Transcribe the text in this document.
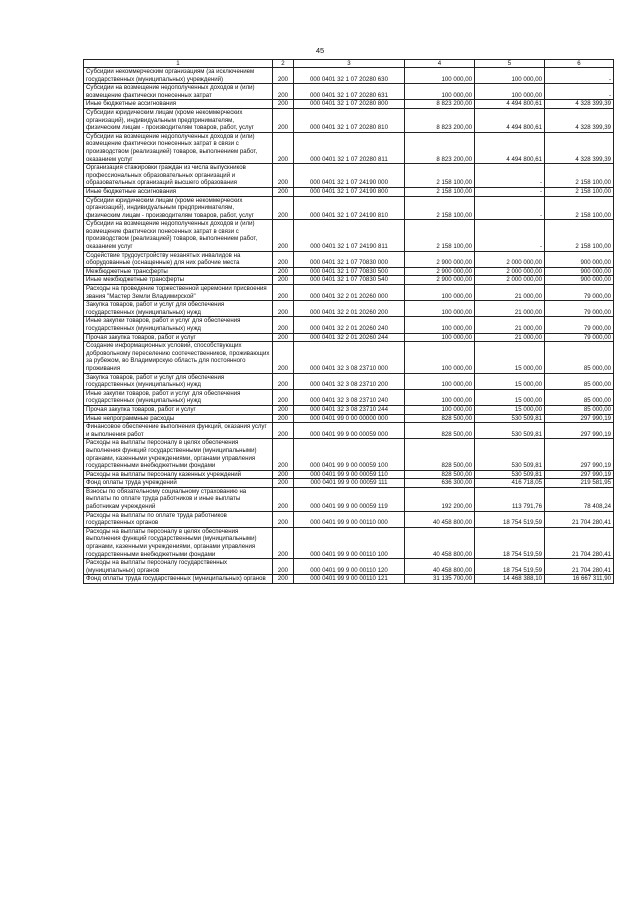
45
1	2	3	4	5	6
Субсидии некоммерческим организациям (за исключением государственных (муниципальных) учреждений)	200	000 0401 32 1 07 20280 630	100 000,00	100 000,00	-
Субсидии на возмещение недополученных доходов и (или) возмещение фактически понесенных затрат	200	000 0401 32 1 07 20280 631	100 000,00	100 000,00	-
Иные бюджетные ассигнования	200	000 0401 32 1 07 20280 800	8 823 200,00	4 494 800,61	4 328 399,39
Субсидии юридическим лицам (кроме некоммерческих организаций), индивидуальным предпринимателям, физическим лицам - производителям товаров, работ, услуг	200	000 0401 32 1 07 20280 810	8 823 200,00	4 494 800,61	4 328 399,39
Субсидии на возмещение недополученных доходов и (или) возмещение фактически понесенных затрат в связи с производством (реализацией) товаров, выполнением работ, оказанием услуг	200	000 0401 32 1 07 20280 811	8 823 200,00	4 494 800,61	4 328 399,39
Организация стажировки граждан из числа выпускников профессиональных образовательных организаций и образовательных организаций высшего образования	200	000 0401 32 1 07 24190 000	2 158 100,00	-	2 158 100,00
Иные бюджетные ассигнования	200	000 0401 32 1 07 24190 800	2 158 100,00	-	2 158 100,00
Субсидии юридическим лицам (кроме некоммерческих организаций), индивидуальным предпринимателям, физическим лицам - производителям товаров, работ, услуг	200	000 0401 32 1 07 24190 810	2 158 100,00	-	2 158 100,00
Субсидии на возмещение недополученных доходов и (или) возмещение фактически понесенных затрат в связи с производством (реализацией) товаров, выполнением работ, оказанием услуг	200	000 0401 32 1 07 24190 811	2 158 100,00	-	2 158 100,00
Содействие трудоустройству незанятых инвалидов на оборудованные (оснащенные) для них рабочие места	200	000 0401 32 1 07 70830 000	2 900 000,00	2 000 000,00	900 000,00
Межбюджетные трансферты	200	000 0401 32 1 07 70830 500	2 900 000,00	2 000 000,00	900 000,00
Иные межбюджетные трансферты	200	000 0401 32 1 07 70830 540	2 900 000,00	2 000 000,00	900 000,00
Расходы на проведение торжественной церемонии присвоения звания "Мастер Земли Владимирской"	200	000 0401 32 2 01 20260 000	100 000,00	21 000,00	79 000,00
Закупка товаров, работ и услуг для обеспечения государственных (муниципальных) нужд	200	000 0401 32 2 01 20260 200	100 000,00	21 000,00	79 000,00
Иные закупки товаров, работ и услуг для обеспечения государственных (муниципальных) нужд	200	000 0401 32 2 01 20260 240	100 000,00	21 000,00	79 000,00
Прочая закупка товаров, работ и услуг	200	000 0401 32 2 01 20260 244	100 000,00	21 000,00	79 000,00
Создание информационных условий, способствующих добровольному переселению соотечественников, проживающих за рубежом, во Владимирскую область для постоянного проживания	200	000 0401 32 3 08 23710 000	100 000,00	15 000,00	85 000,00
Закупка товаров, работ и услуг для обеспечения государственных (муниципальных) нужд	200	000 0401 32 3 08 23710 200	100 000,00	15 000,00	85 000,00
Иные закупки товаров, работ и услуг для обеспечения государственных (муниципальных) нужд	200	000 0401 32 3 08 23710 240	100 000,00	15 000,00	85 000,00
Прочая закупка товаров, работ и услуг	200	000 0401 32 3 08 23710 244	100 000,00	15 000,00	85 000,00
Иные непрограммные расходы	200	000 0401 99 0 00 00000 000	828 500,00	530 509,81	297 990,19
Финансовое обеспечение выполнения функций, оказания услуг и выполнения работ	200	000 0401 99 9 00 00059 000	828 500,00	530 509,81	297 990,19
Расходы на выплаты персоналу в целях обеспечения выполнения функций государственными (муниципальными) органами, казенными учреждениями, органами управления государственными внебюджетными фондами	200	000 0401 99 9 00 00059 100	828 500,00	530 509,81	297 990,19
Расходы на выплаты персоналу казенных учреждений	200	000 0401 99 9 00 00059 110	828 500,00	530 509,81	297 990,19
Фонд оплаты труда учреждений	200	000 0401 99 9 00 00059 111	636 300,00	416 718,05	219 581,95
Взносы по обязательному социальному страхованию на выплаты по оплате труда работников и иные выплаты работникам учреждений	200	000 0401 99 9 00 00059 119	192 200,00	113 791,76	78 408,24
Расходы на выплаты по оплате труда работников государственных органов	200	000 0401 99 9 00 00110 000	40 458 800,00	18 754 519,59	21 704 280,41
Расходы на выплаты персоналу в целях обеспечения выполнения функций государственными (муниципальными) органами, казенными учреждениями, органами управления государственными внебюджетными фондами	200	000 0401 99 9 00 00110 100	40 458 800,00	18 754 519,59	21 704 280,41
Расходы на выплаты персоналу государственных (муниципальных) органов	200	000 0401 99 9 00 00110 120	40 458 800,00	18 754 519,59	21 704 280,41
Фонд оплаты труда государственных (муниципальных) органов	200	000 0401 99 9 00 00110 121	31 135 700,00	14 468 388,10	16 667 311,90
